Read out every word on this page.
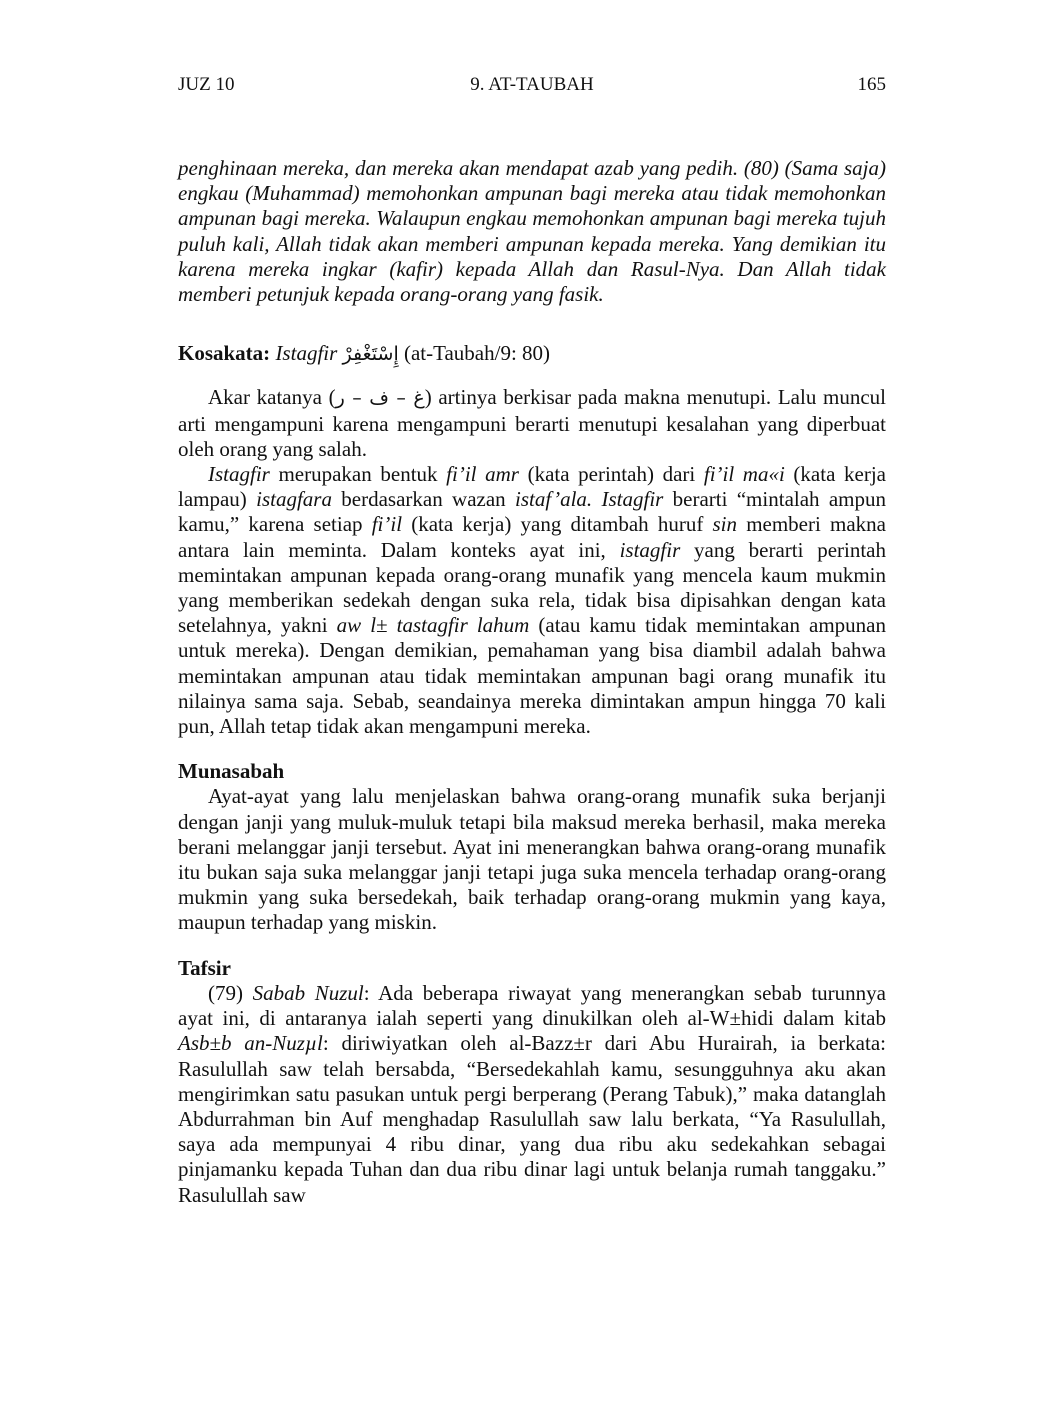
JUZ 10	9. AT-TAUBAH	165

penghinaan mereka, dan mereka akan mendapat azab yang pedih. (80) (Sama saja) engkau (Muhammad) memohonkan ampunan bagi mereka atau tidak memohonkan ampunan bagi mereka. Walaupun engkau memohonkan ampunan bagi mereka tujuh puluh kali, Allah tidak akan memberi ampunan kepada mereka. Yang demikian itu karena mereka ingkar (kafir) kepada Allah dan Rasul-Nya. Dan Allah tidak memberi petunjuk kepada orang-orang yang fasik.

Kosakata: Istagfir إِسْتَغْفِرْ (at-Taubah/9: 80)

Akar katanya (غ – ف – ر) artinya berkisar pada makna menutupi. Lalu muncul arti mengampuni karena mengampuni berarti menutupi kesalahan yang diperbuat oleh orang yang salah.

Istagfir merupakan bentuk fi’il amr (kata perintah) dari fi’il ma«i (kata kerja lampau) istagfara berdasarkan wazan istaf’ala. Istagfir berarti “mintalah ampun kamu,” karena setiap fi’il (kata kerja) yang ditambah huruf sin memberi makna antara lain meminta. Dalam konteks ayat ini, istagfir yang berarti perintah memintakan ampunan kepada orang-orang munafik yang mencela kaum mukmin yang memberikan sedekah dengan suka rela, tidak bisa dipisahkan dengan kata setelahnya, yakni aw l± tastagfir lahum (atau kamu tidak memintakan ampunan untuk mereka). Dengan demikian, pemahaman yang bisa diambil adalah bahwa memintakan ampunan atau tidak memintakan ampunan bagi orang munafik itu nilainya sama saja. Sebab, seandainya mereka dimintakan ampun hingga 70 kali pun, Allah tetap tidak akan mengampuni mereka.

Munasabah

Ayat-ayat yang lalu menjelaskan bahwa orang-orang munafik suka berjanji dengan janji yang muluk-muluk tetapi bila maksud mereka berhasil, maka mereka berani melanggar janji tersebut. Ayat ini menerangkan bahwa orang-orang munafik itu bukan saja suka melanggar janji tetapi juga suka mencela terhadap orang-orang mukmin yang suka bersedekah, baik terhadap orang-orang mukmin yang kaya, maupun terhadap yang miskin.

Tafsir

(79) Sabab Nuzul: Ada beberapa riwayat yang menerangkan sebab turunnya ayat ini, di antaranya ialah seperti yang dinukilkan oleh al-W±hidi dalam kitab Asb±b an-Nuzµl: diriwiyatkan oleh al-Bazz±r dari Abu Hurairah, ia berkata: Rasulullah saw telah bersabda, “Bersedekahlah kamu, sesungguhnya aku akan mengirimkan satu pasukan untuk pergi berperang (Perang Tabuk),” maka datanglah Abdurrahman bin Auf menghadap Rasulullah saw lalu berkata, “Ya Rasulullah, saya ada mempunyai 4 ribu dinar, yang dua ribu aku sedekahkan sebagai pinjamanku kepada Tuhan dan dua ribu dinar lagi untuk belanja rumah tanggaku.” Rasulullah saw
